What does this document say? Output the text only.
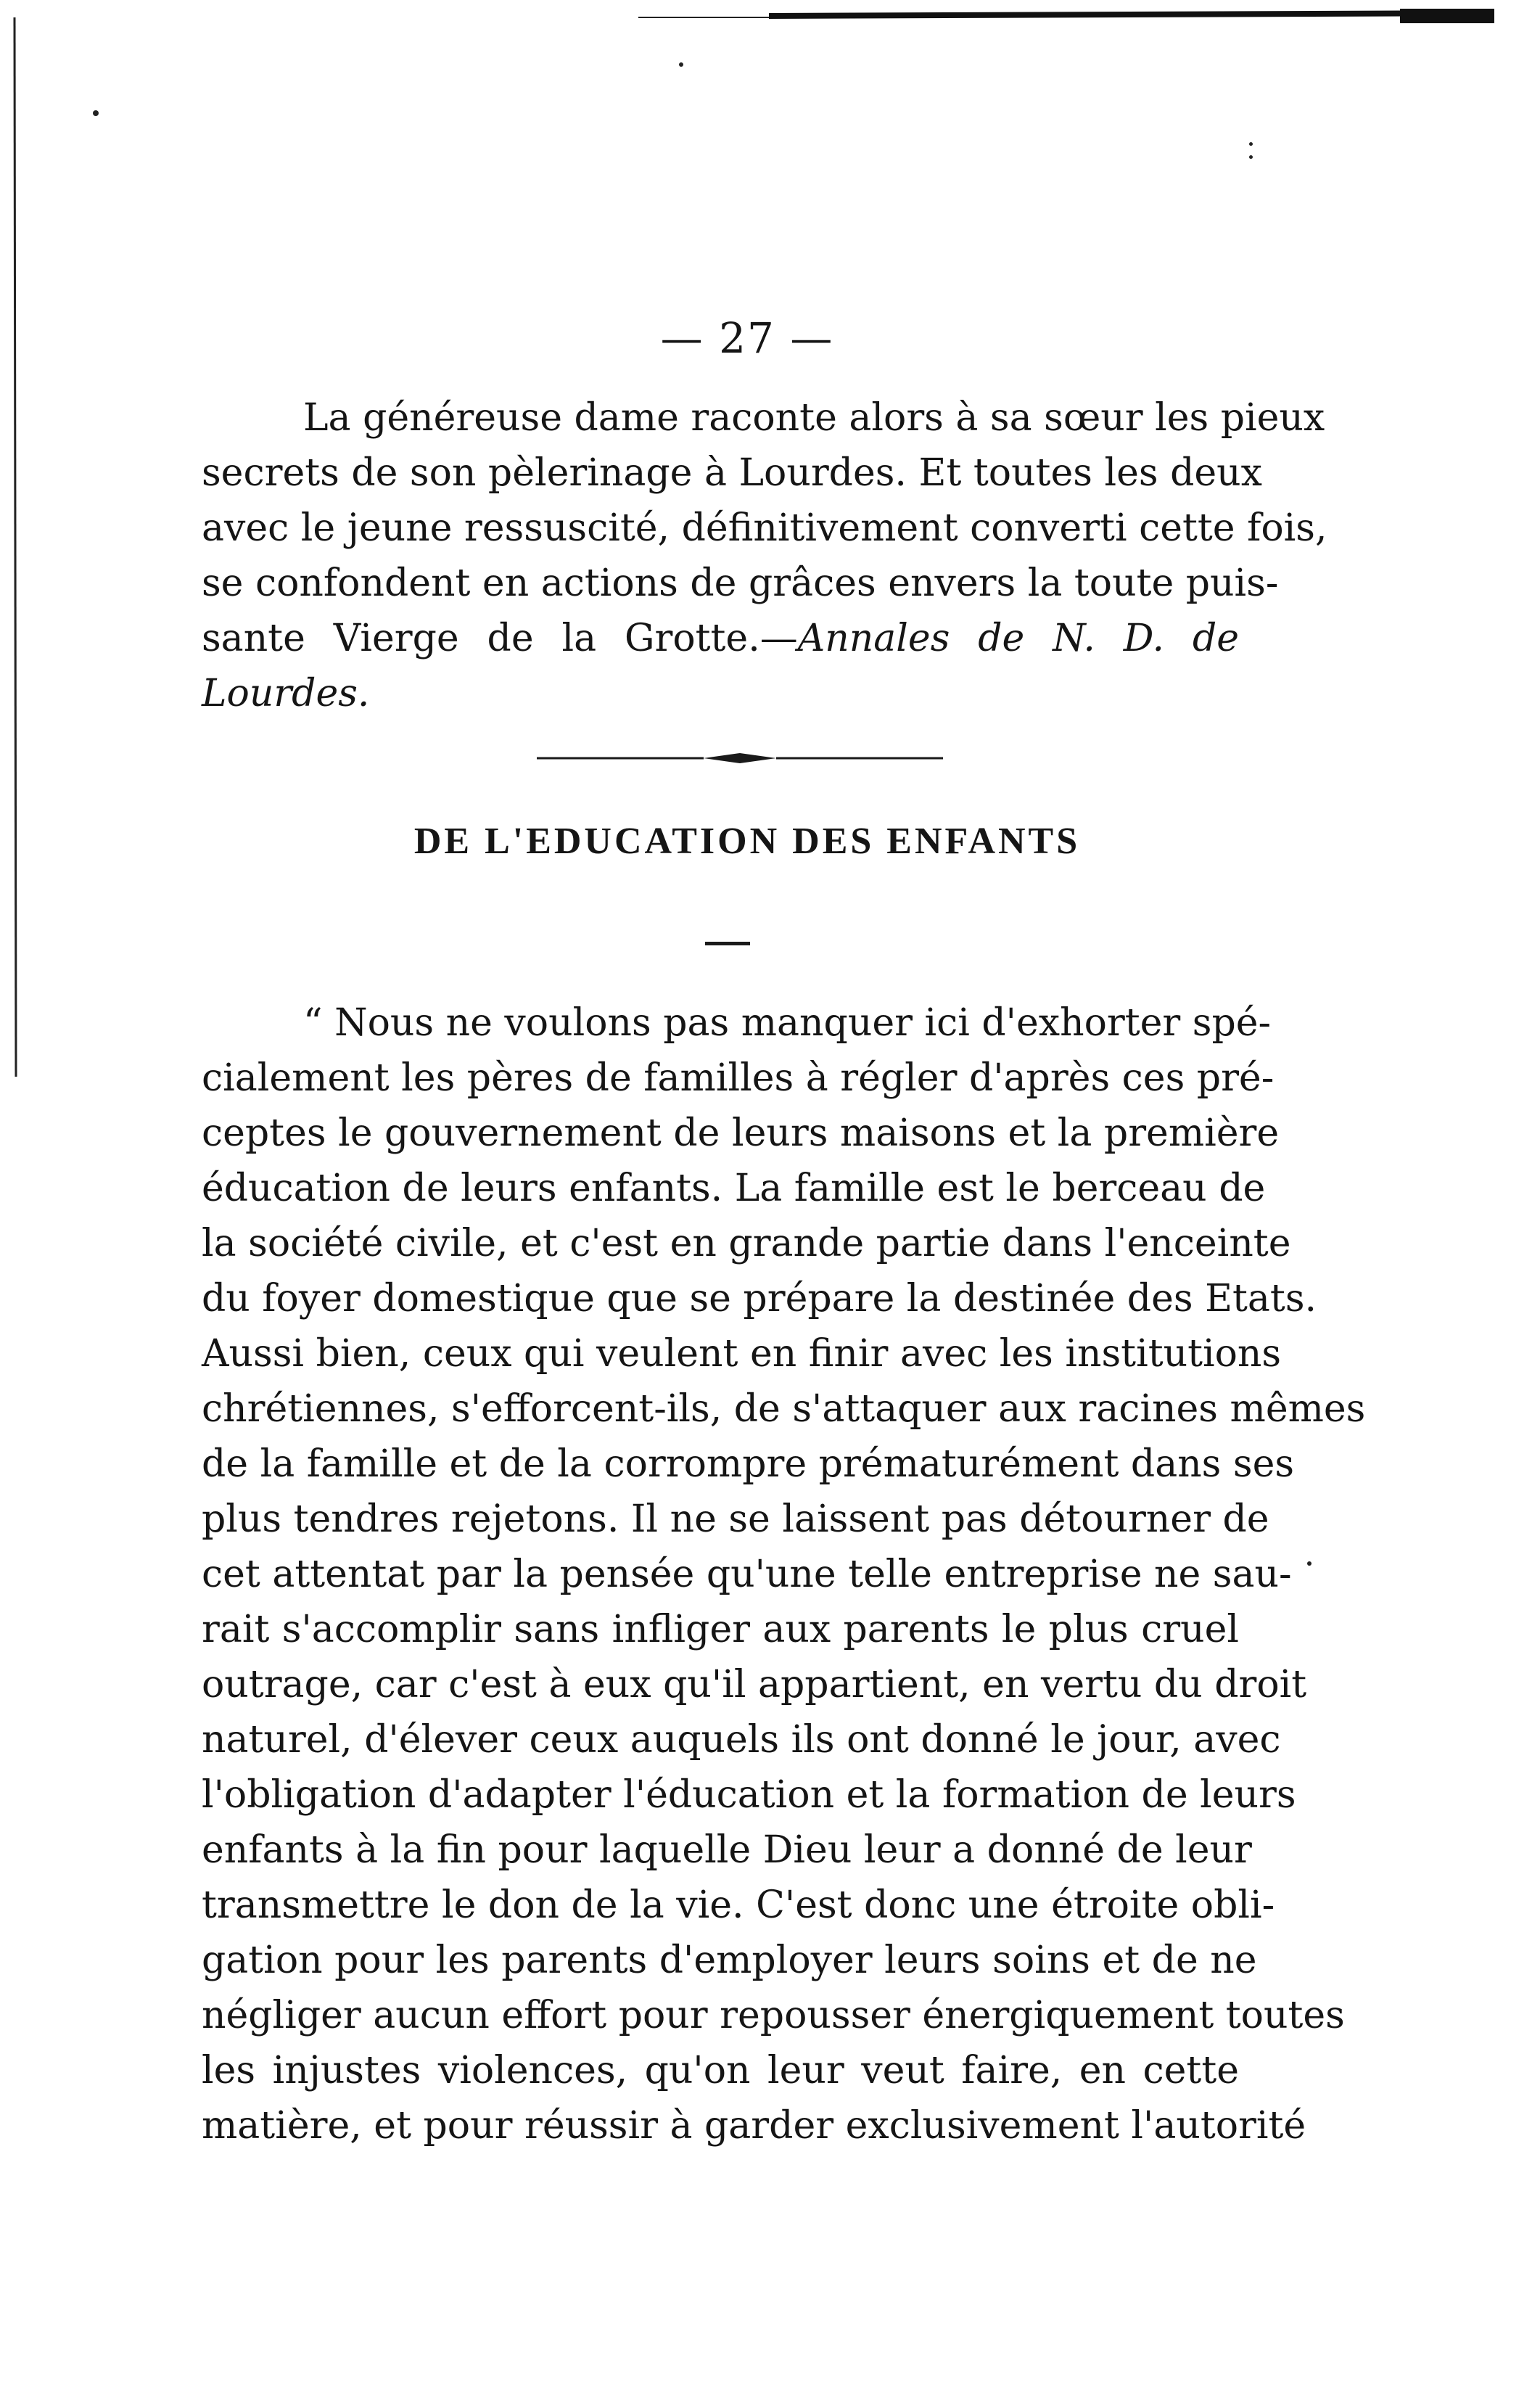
— 27 —
La généreuse dame raconte alors à sa sœur les pieux
secrets de son pèlerinage à Lourdes. Et toutes les deux
avec le jeune ressuscité, définitivement converti cette fois,
se confondent en actions de grâces envers la toute puis-
sante Vierge de la Grotte.—Annales de N. D. de
Lourdes.
DE L'EDUCATION DES ENFANTS
“ Nous ne voulons pas manquer ici d'exhorter spé-
cialement les pères de familles à régler d'après ces pré-
ceptes le gouvernement de leurs maisons et la première
éducation de leurs enfants. La famille est le berceau de
la société civile, et c'est en grande partie dans l'enceinte
du foyer domestique que se prépare la destinée des Etats.
Aussi bien, ceux qui veulent en finir avec les institutions
chrétiennes, s'efforcent-ils, de s'attaquer aux racines mêmes
de la famille et de la corrompre prématurément dans ses
plus tendres rejetons. Il ne se laissent pas détourner de
cet attentat par la pensée qu'une telle entreprise ne sau-
rait s'accomplir sans infliger aux parents le plus cruel
outrage, car c'est à eux qu'il appartient, en vertu du droit
naturel, d'élever ceux auquels ils ont donné le jour, avec
l'obligation d'adapter l'éducation et la formation de leurs
enfants à la fin pour laquelle Dieu leur a donné de leur
transmettre le don de la vie. C'est donc une étroite obli-
gation pour les parents d'employer leurs soins et de ne
négliger aucun effort pour repousser énergiquement toutes
les injustes violences, qu'on leur veut faire, en cette
matière, et pour réussir à garder exclusivement l'autorité
